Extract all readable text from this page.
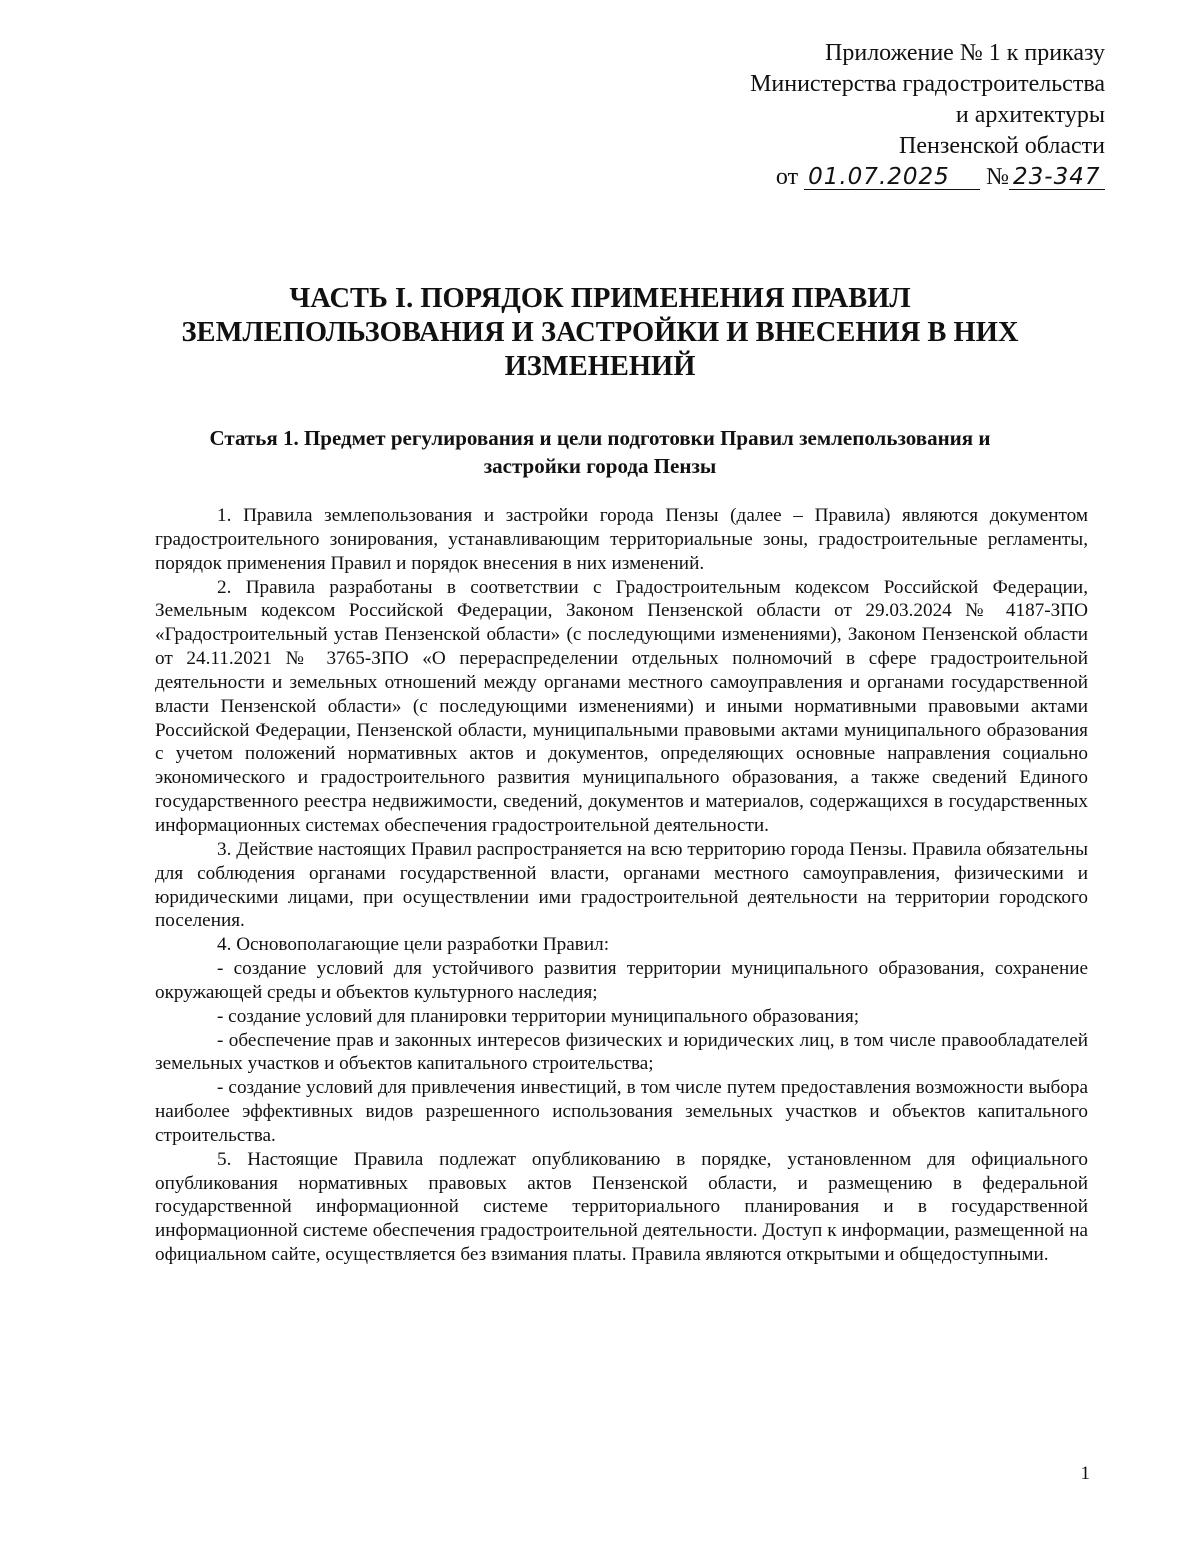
Приложение № 1 к приказу
Министерства градостроительства
и архитектуры
Пензенской области
от 01.07.2025 № 23-347
ЧАСТЬ I. ПОРЯДОК ПРИМЕНЕНИЯ ПРАВИЛ
ЗЕМЛЕПОЛЬЗОВАНИЯ И ЗАСТРОЙКИ И ВНЕСЕНИЯ В НИХ
ИЗМЕНЕНИЙ
Статья 1. Предмет регулирования и цели подготовки Правил землепользования и
застройки города Пензы

1. Правила землепользования и застройки города Пензы (далее – Правила) являются документом градостроительного зонирования, устанавливающим территориальные зоны, градостроительные регламенты, порядок применения Правил и порядок внесения в них изменений.

2. Правила разработаны в соответствии с Градостроительным кодексом Российской Федерации, Земельным кодексом Российской Федерации, Законом Пензенской области от 29.03.2024 № 4187-ЗПО «Градостроительный устав Пензенской области» (с последующими изменениями), Законом Пензенской области от 24.11.2021 № 3765-ЗПО «О перераспределении отдельных полномочий в сфере градостроительной деятельности и земельных отношений между органами местного самоуправления и органами государственной власти Пензенской области» (с последующими изменениями) и иными нормативными правовыми актами Российской Федерации, Пензенской области, муниципальными правовыми актами муниципального образования с учетом положений нормативных актов и документов, определяющих основные направления социально экономического и градостроительного развития муниципального образования, а также сведений Единого государственного реестра недвижимости, сведений, документов и материалов, содержащихся в государственных информационных системах обеспечения градостроительной деятельности.

3. Действие настоящих Правил распространяется на всю территорию города Пензы. Правила обязательны для соблюдения органами государственной власти, органами местного самоуправления, физическими и юридическими лицами, при осуществлении ими градостроительной деятельности на территории городского поселения.

4. Основополагающие цели разработки Правил:

- создание условий для устойчивого развития территории муниципального образования, сохранение окружающей среды и объектов культурного наследия;

- создание условий для планировки территории муниципального образования;

- обеспечение прав и законных интересов физических и юридических лиц, в том числе правообладателей земельных участков и объектов капитального строительства;

- создание условий для привлечения инвестиций, в том числе путем предоставления возможности выбора наиболее эффективных видов разрешенного использования земельных участков и объектов капитального строительства.

5. Настоящие Правила подлежат опубликованию в порядке, установленном для официального опубликования нормативных правовых актов Пензенской области, и размещению в федеральной государственной информационной системе территориального планирования и в государственной информационной системе обеспечения градостроительной деятельности. Доступ к информации, размещенной на официальном сайте, осуществляется без взимания платы. Правила являются открытыми и общедоступными.

1
